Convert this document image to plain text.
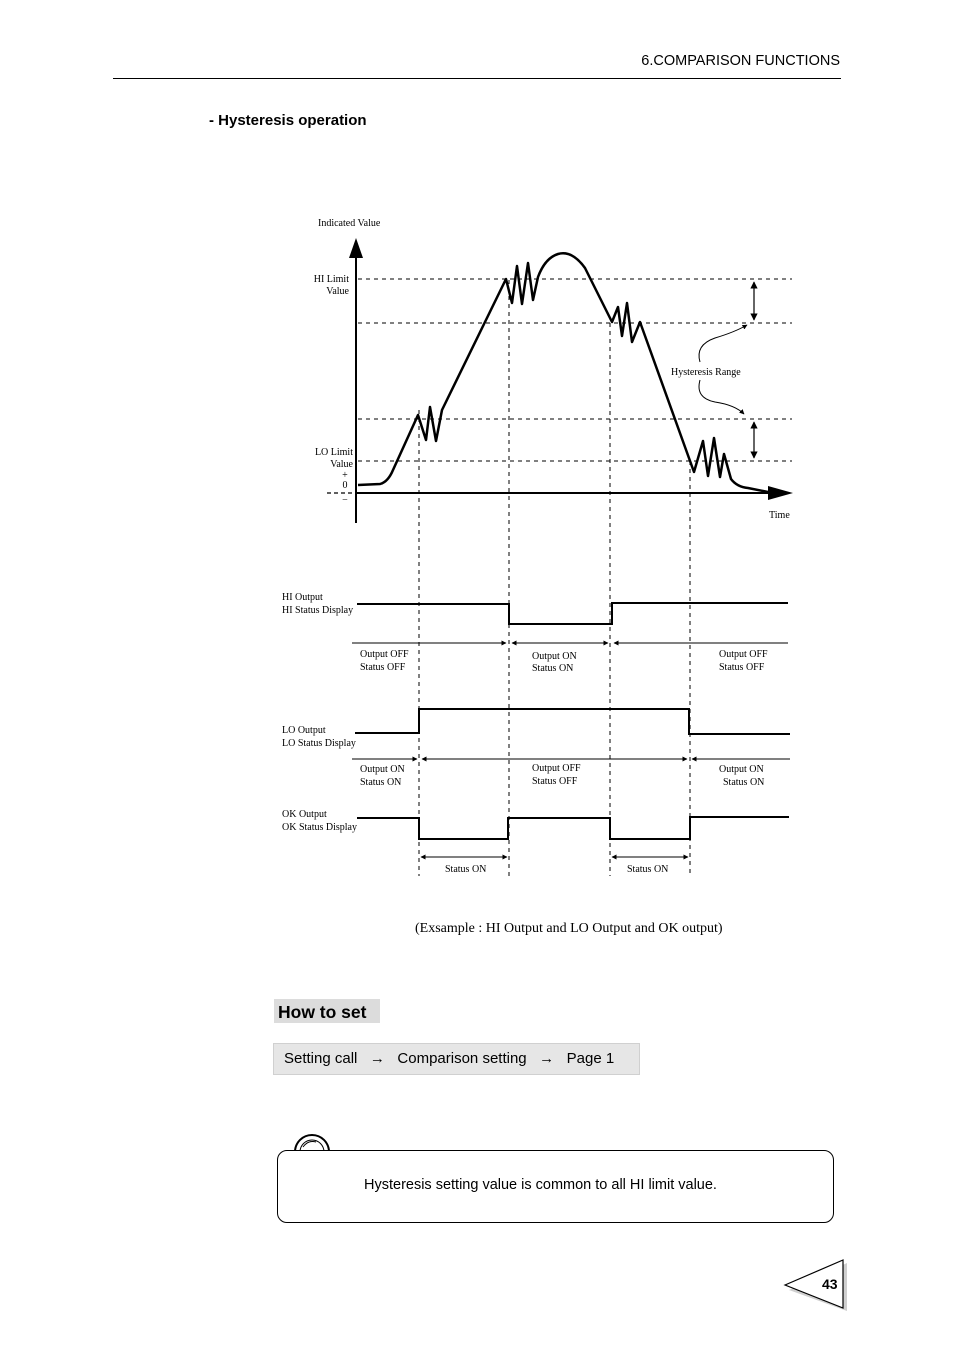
6.COMPARISON FUNCTIONS
- Hysteresis operation
Indicated Value
HI Limit
Value
LO Limit
Value
+
0
−
Time
Hysteresis Range
HI Output
HI Status Display
Output OFF
Status OFF
Output ON
Status ON
Output OFF
Status OFF
LO Output
LO Status Display
Output ON
Status ON
Output OFF
Status OFF
Output ON
Status ON
OK Output
OK Status Display
Status ON	Status ON
(Exsample : HI Output and LO Output and OK output)
How to set
Setting call → Comparison setting → Page 1
Hysteresis setting value is common to all HI limit value.
43
